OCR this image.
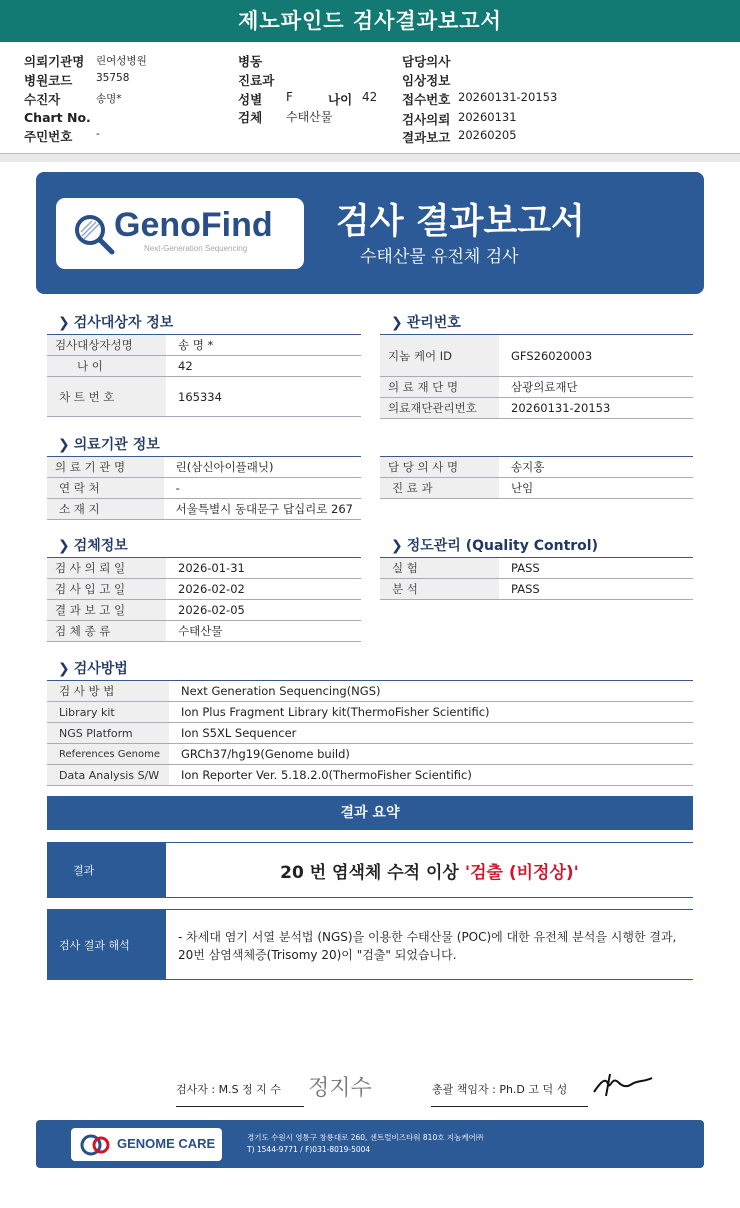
제노파인드 검사결과보고서
의뢰기관명 린여성병원
병원코드 35758
수진자	송명*
Chart No.
주민번호 -
병동
진료과
성별 F	나이 42
검체 수태산물
담당의사
임상정보
접수번호 20260131-20153
검사의뢰 20260131
결과보고 20260205
GenoFind
Next-Generation Sequencing
검사 결과보고서
수태산물 유전체 검사
❯ 검사대상자 정보
검사대상자성명	송 명 *
나 이	42
차 트 번 호	165334
❯ 관리번호
지놈 케어 ID	GFS26020003
의 료 재 단 명	삼광의료재단
의료재단관리번호	20260131-20153
❯ 의료기관 정보
의 료 기 관 명	린(삼신아이플래닛)
연 락 처	-
소 재 지	서울특별시 동대문구 답십리로 267
담 당 의 사 명	송지홍
진 료 과	난임
❯ 검체정보
검 사 의 뢰 일	2026-01-31
검 사 입 고 일	2026-02-02
결 과 보 고 일	2026-02-05
검 체 종 류	수태산물
❯ 정도관리 (Quality Control)
실 험	PASS
분 석	PASS
❯ 검사방법
검 사 방 법	Next Generation Sequencing(NGS)
Library kit	Ion Plus Fragment Library kit(ThermoFisher Scientific)
NGS Platform	Ion S5XL Sequencer
References Genome	GRCh37/hg19(Genome build)
Data Analysis S/W	Ion Reporter Ver. 5.18.2.0(ThermoFisher Scientific)
결과 요약
결과	20 번 염색체 수적 이상 '검출 (비정상)'
검사 결과 해석
- 차세대 염기 서열 분석법 (NGS)을 이용한 수태산물 (POC)에 대한 유전체 분석을 시행한 결과, 20번 삼염색체증(Trisomy 20)이 "검출" 되었습니다.
검사자 : M.S 정 지 수 정지수	총괄 책임자 : Ph.D 고 덕 성
GENOME CARE	경기도 수원시 영통구 창룡대로 260, 센트럴비즈타워 810호 지놈케어㈜
T) 1544-9771 / F)031-8019-5004
